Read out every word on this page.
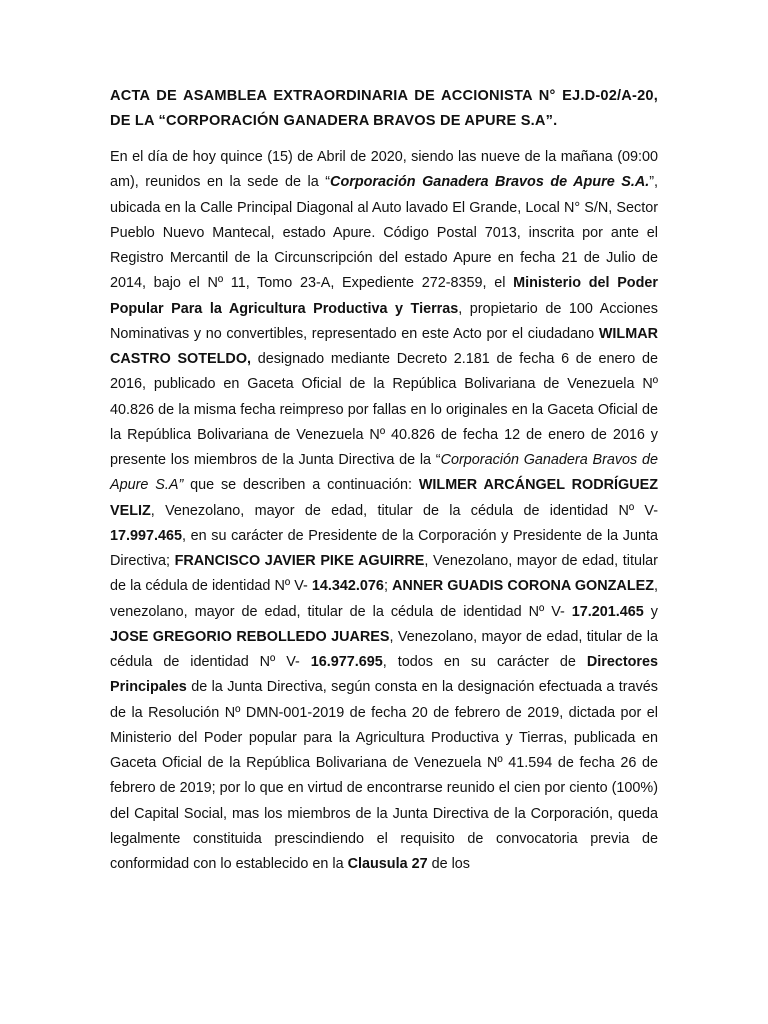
ACTA DE ASAMBLEA EXTRAORDINARIA DE ACCIONISTA N° EJ.D-02/A-20, DE LA “CORPORACIÓN GANADERA BRAVOS DE APURE S.A”.

En el día de hoy quince (15) de Abril de 2020, siendo las nueve de la mañana (09:00 am), reunidos en la sede de la “Corporación Ganadera Bravos de Apure S.A.”, ubicada en la Calle Principal Diagonal al Auto lavado El Grande, Local N° S/N, Sector Pueblo Nuevo Mantecal, estado Apure. Código Postal 7013, inscrita por ante el Registro Mercantil de la Circunscripción del estado Apure en fecha 21 de Julio de 2014, bajo el Nº 11, Tomo 23-A, Expediente 272-8359, el Ministerio del Poder Popular Para la Agricultura Productiva y Tierras, propietario de 100 Acciones Nominativas y no convertibles, representado en este Acto por el ciudadano WILMAR CASTRO SOTELDO, designado mediante Decreto 2.181 de fecha 6 de enero de 2016, publicado en Gaceta Oficial de la República Bolivariana de Venezuela Nº 40.826 de la misma fecha reimpreso por fallas en lo originales en la Gaceta Oficial de la República Bolivariana de Venezuela Nº 40.826 de fecha 12 de enero de 2016 y presente los miembros de la Junta Directiva de la “Corporación Ganadera Bravos de Apure S.A” que se describen a continuación: WILMER ARCÁNGEL RODRÍGUEZ VELIZ, Venezolano, mayor de edad, titular de la cédula de identidad Nº V- 17.997.465, en su carácter de Presidente de la Corporación y Presidente de la Junta Directiva; FRANCISCO JAVIER PIKE AGUIRRE, Venezolano, mayor de edad, titular de la cédula de identidad Nº V- 14.342.076; ANNER GUADIS CORONA GONZALEZ, venezolano, mayor de edad, titular de la cédula de identidad Nº V- 17.201.465 y JOSE GREGORIO REBOLLEDO JUARES, Venezolano, mayor de edad, titular de la cédula de identidad Nº V- 16.977.695, todos en su carácter de Directores Principales de la Junta Directiva, según consta en la designación efectuada a través de la Resolución Nº DMN-001-2019 de fecha 20 de febrero de 2019, dictada por el Ministerio del Poder popular para la Agricultura Productiva y Tierras, publicada en Gaceta Oficial de la República Bolivariana de Venezuela Nº 41.594 de fecha 26 de febrero de 2019; por lo que en virtud de encontrarse reunido el cien por ciento (100%) del Capital Social, mas los miembros de la Junta Directiva de la Corporación, queda legalmente constituida prescindiendo el requisito de convocatoria previa de conformidad con lo establecido en la Clausula 27 de los
